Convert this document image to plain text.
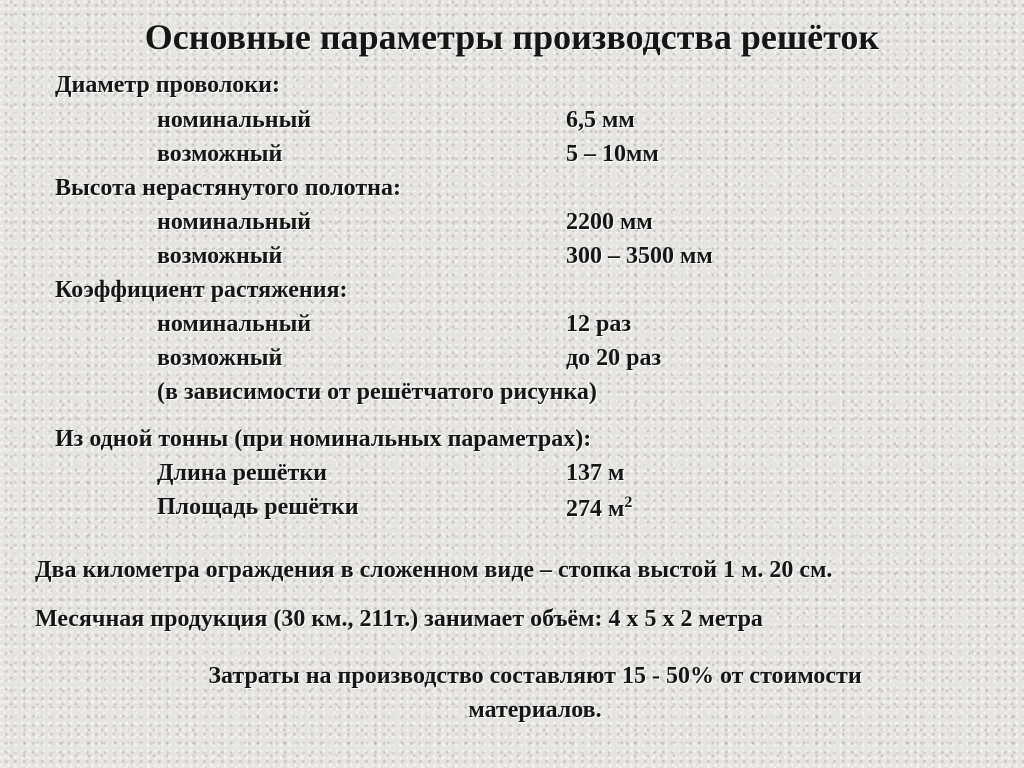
Основные параметры производства решёток
Диаметр проволоки:
номинальный	6,5 мм
возможный	5 – 10мм
Высота нерастянутого полотна:
номинальный	2200 мм
возможный	300 – 3500 мм
Коэффициент растяжения:
номинальный	12 раз
возможный	до 20 раз
(в зависимости от решётчатого рисунка)
Из одной тонны (при номинальных параметрах):
Длина решётки	137 м
Площадь решётки	274 $м^2$
Два километра ограждения в сложенном виде – стопка выстой 1 м. 20 см.
Месячная продукция (30 км., 211т.) занимает объём: 4 х 5 х 2 метра
Затраты на производство составляют 15 - 50% от стоимости
материалов.
